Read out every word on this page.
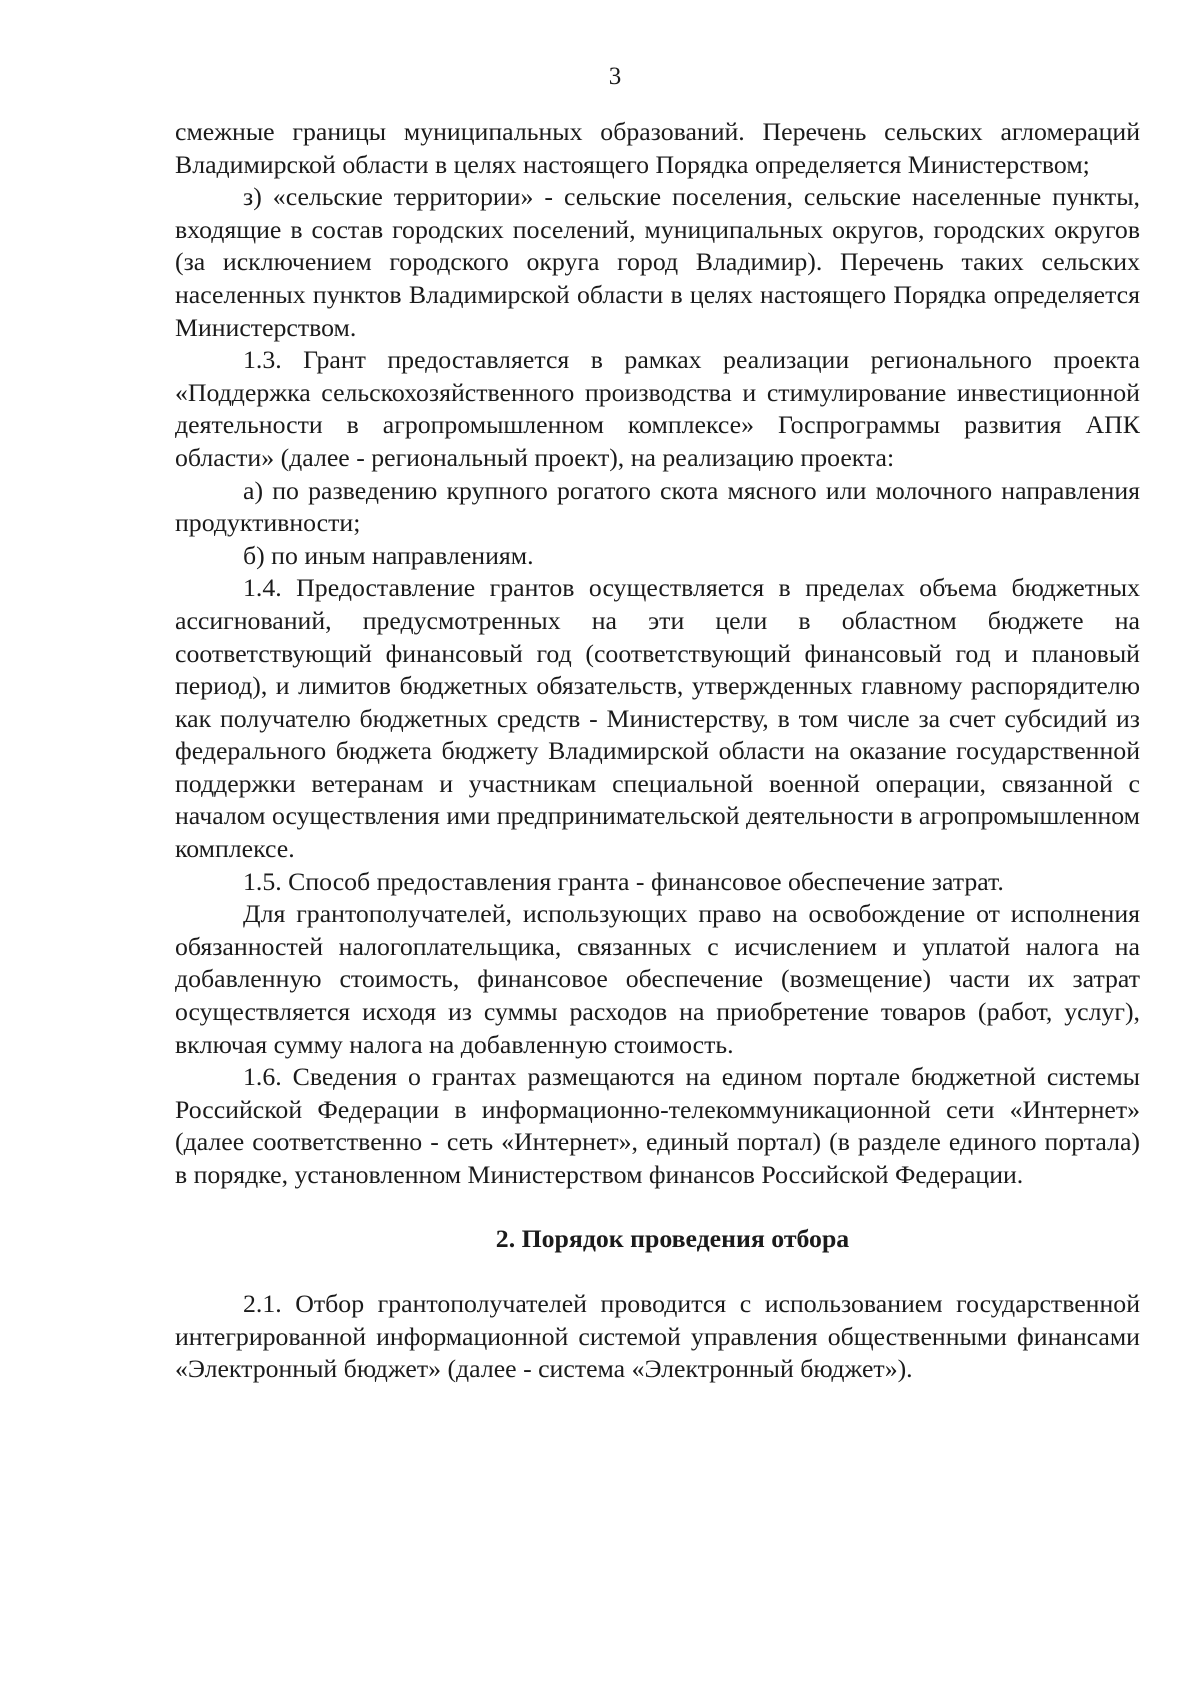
3

смежные границы муниципальных образований. Перечень сельских агломераций Владимирской области в целях настоящего Порядка определяется Министерством;

з) «сельские территории» - сельские поселения, сельские населенные пункты, входящие в состав городских поселений, муниципальных округов, городских округов (за исключением городского округа город Владимир). Перечень таких сельских населенных пунктов Владимирской области в целях настоящего Порядка определяется Министерством.

1.3. Грант предоставляется в рамках реализации регионального проекта «Поддержка сельскохозяйственного производства и стимулирование инвестиционной деятельности в агропромышленном комплексе» Госпрограммы развития АПК области» (далее - региональный проект), на реализацию проекта:

а) по разведению крупного рогатого скота мясного или молочного направления продуктивности;

б) по иным направлениям.

1.4. Предоставление грантов осуществляется в пределах объема бюджетных ассигнований, предусмотренных на эти цели в областном бюджете на соответствующий финансовый год (соответствующий финансовый год и плановый период), и лимитов бюджетных обязательств, утвержденных главному распорядителю как получателю бюджетных средств - Министерству, в том числе за счет субсидий из федерального бюджета бюджету Владимирской области на оказание государственной поддержки ветеранам и участникам специальной военной операции, связанной с началом осуществления ими предпринимательской деятельности в агропромышленном комплексе.

1.5. Способ предоставления гранта - финансовое обеспечение затрат.

Для грантополучателей, использующих право на освобождение от исполнения обязанностей налогоплательщика, связанных с исчислением и уплатой налога на добавленную стоимость, финансовое обеспечение (возмещение) части их затрат осуществляется исходя из суммы расходов на приобретение товаров (работ, услуг), включая сумму налога на добавленную стоимость.

1.6. Сведения о грантах размещаются на едином портале бюджетной системы Российской Федерации в информационно-телекоммуникационной сети «Интернет» (далее соответственно - сеть «Интернет», единый портал) (в разделе единого портала) в порядке, установленном Министерством финансов Российской Федерации.

2. Порядок проведения отбора

2.1. Отбор грантополучателей проводится с использованием государственной интегрированной информационной системой управления общественными финансами «Электронный бюджет» (далее - система «Электронный бюджет»).
